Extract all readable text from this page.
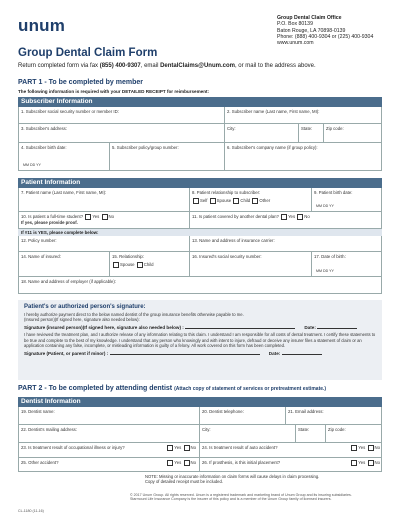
unum	Group Dental Claim Office
P.O. Box 80139
Baton Rouge, LA 70898-0139
Phone: (888) 400-9304 or (225) 400-9304
www.unum.com
Group Dental Claim Form
Return completed form via fax (855) 400-9307, email DentalClaims@Unum.com, or mail to the address above.
PART 1 - To be completed by member
The following information is required with your DETAILED RECEIPT for reimbursement:
Subscriber Information
1. Subscriber social security number or member ID:	2. Subscriber name (Last name, First name, MI):
3. Subscriber's address:	City:	State:	Zip code:
4. Subscriber birth date:
MM DD YY
5. Subscriber policy/group number:	6. Subscriber's company name (if group policy):
Patient Information
7. Patient name (Last name, First name, MI):	8. Patient relationship to subscriber:
Self Spouse Child Other
9. Patient birth date:
MM DD YY
10. Is patient a full-time student? Yes No
If yes, please provide proof.
11. Is patient covered by another dental plan? Yes No
If #11 is YES, please complete below:
12. Policy number:	13. Name and address of insurance carrier:
14. Name of insured:	15. Relationship:
Spouse Child
16. Insured's social security number:	17. Date of birth:
MM DD YY
18. Name and address of employer (if applicable):
Patient's or authorized person's signature:
I hereby authorize payment direct to the below named dentist of the group insurance benefits otherwise payable to me.
(Insured person)(If signed here, signature also needed below):
Signature (insured person)(If signed here, signature also needed below) :	Date:
I have reviewed the treatment plan, and I authorize release of any information relating to this claim. I understand I am responsible for all costs of dental treatment. I certify these statements to be true and complete to the best of my knowledge. I understand that any person who knowingly and with intent to injure, defraud or deceive any insurer files a statement of claim or an application containing any false, incomplete, or misleading information is guilty of a felony. All work covered on this form has been completed.
Signature (Patient, or parent if minor) :	Date:
PART 2 - To be completed by attending dentist (Attach copy of statement of services or pretreatment estimate.)
Dentist Information
19. Dentist name:	20. Dentist telephone:	21. Email address:
22. Dentist's mailing address:	City:	State:	Zip code:
23. Is treatment result of occupational illness or injury?	Yes No	24. Is treatment result of auto accident?	Yes No
25. Other accident?	Yes No	26. If prosthesis, is this initial placement?	Yes No
NOTE: Missing or inaccurate information on claim forms will cause delays in claim processing.
Copy of detailed receipt must be included.
© 2017 Unum Group. All rights reserved. Unum is a registered trademark and marketing brand of Unum Group and its insuring subsidiaries.
Starmount Life Insurance Company is the insurer of this policy and is a member of the Unum Group family of licensed insurers.
CL-1180 (11-16)
